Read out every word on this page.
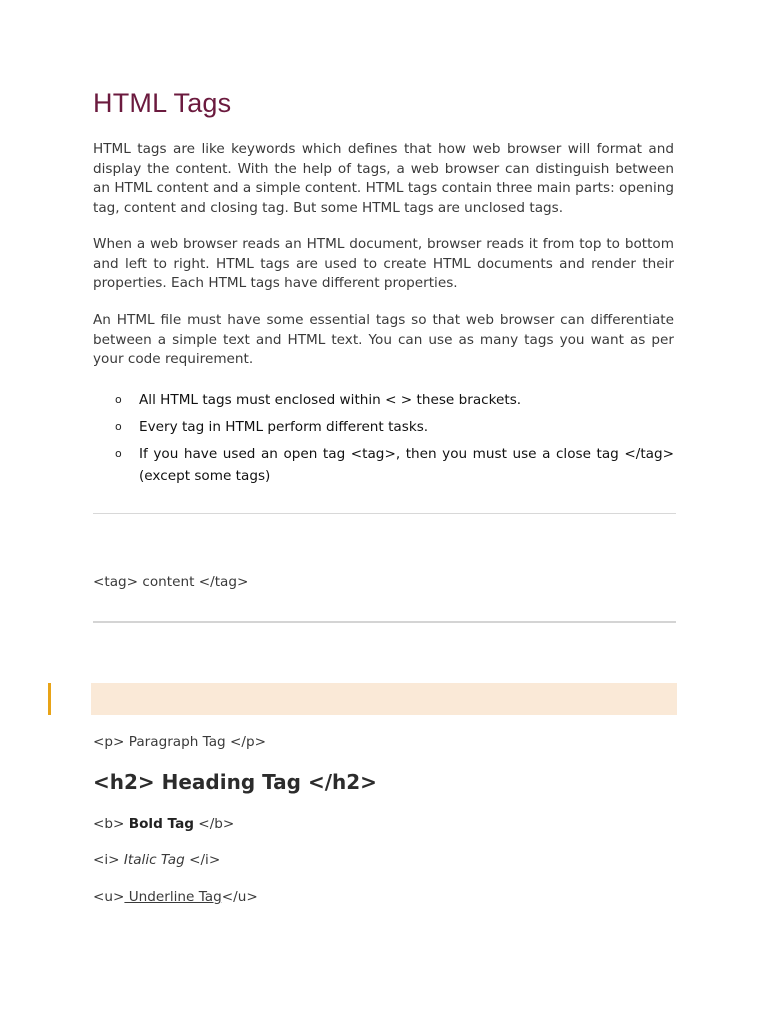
HTML Tags

HTML tags are like keywords which defines that how web browser will format and display the content. With the help of tags, a web browser can distinguish between an HTML content and a simple content. HTML tags contain three main parts: opening tag, content and closing tag. But some HTML tags are unclosed tags.

When a web browser reads an HTML document, browser reads it from top to bottom and left to right. HTML tags are used to create HTML documents and render their properties. Each HTML tags have different properties.

An HTML file must have some essential tags so that web browser can differentiate between a simple text and HTML text. You can use as many tags you want as per your code requirement.

o All HTML tags must enclosed within < > these brackets.
o Every tag in HTML perform different tasks.
o If you have used an open tag <tag>, then you must use a close tag </tag> (except some tags)

<tag> content </tag>

<p> Paragraph Tag </p>

<h2> Heading Tag </h2>

<b> Bold Tag </b>

<i> Italic Tag </i>

<u> Underline Tag</u>
